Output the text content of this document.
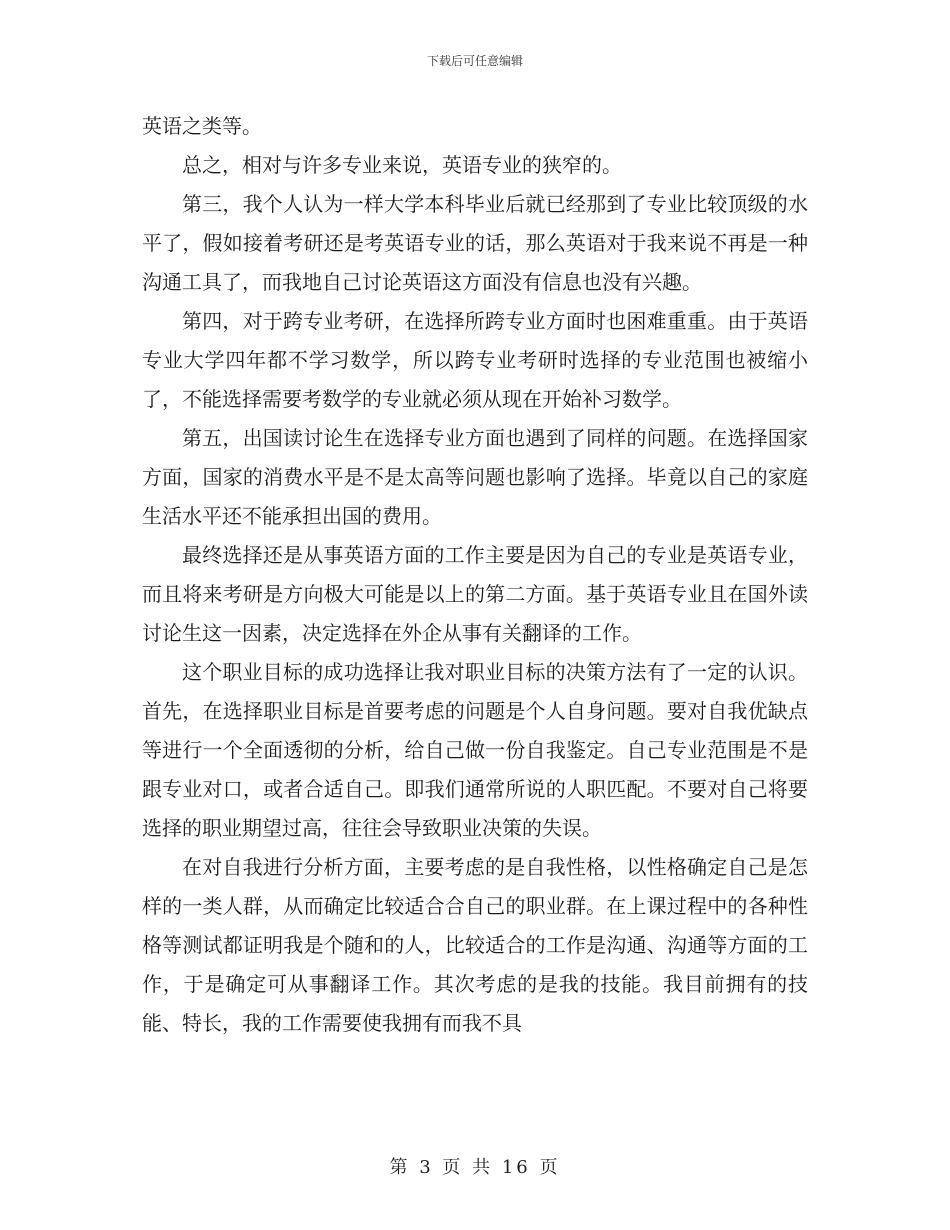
下载后可任意编辑

英语之类等。

总之，相对与许多专业来说，英语专业的狭窄的。

第三，我个人认为一样大学本科毕业后就已经那到了专业比较顶级的水平了，假如接着考研还是考英语专业的话，那么英语对于我来说不再是一种沟通工具了，而我地自己讨论英语这方面没有信息也没有兴趣。

第四，对于跨专业考研，在选择所跨专业方面时也困难重重。由于英语专业大学四年都不学习数学，所以跨专业考研时选择的专业范围也被缩小了，不能选择需要考数学的专业就必须从现在开始补习数学。

第五，出国读讨论生在选择专业方面也遇到了同样的问题。在选择国家方面，国家的消费水平是不是太高等问题也影响了选择。毕竟以自己的家庭生活水平还不能承担出国的费用。

最终选择还是从事英语方面的工作主要是因为自己的专业是英语专业，而且将来考研是方向极大可能是以上的第二方面。基于英语专业且在国外读讨论生这一因素，决定选择在外企从事有关翻译的工作。

这个职业目标的成功选择让我对职业目标的决策方法有了一定的认识。首先，在选择职业目标是首要考虑的问题是个人自身问题。要对自我优缺点等进行一个全面透彻的分析，给自己做一份自我鉴定。自己专业范围是不是跟专业对口，或者合适自己。即我们通常所说的人职匹配。不要对自己将要选择的职业期望过高，往往会导致职业决策的失误。

在对自我进行分析方面，主要考虑的是自我性格，以性格确定自己是怎样的一类人群，从而确定比较适合合自己的职业群。在上课过程中的各种性格等测试都证明我是个随和的人，比较适合的工作是沟通、沟通等方面的工作，于是确定可从事翻译工作。其次考虑的是我的技能。我目前拥有的技能、特长，我的工作需要使我拥有而我不具

第 3 页 共 16 页
